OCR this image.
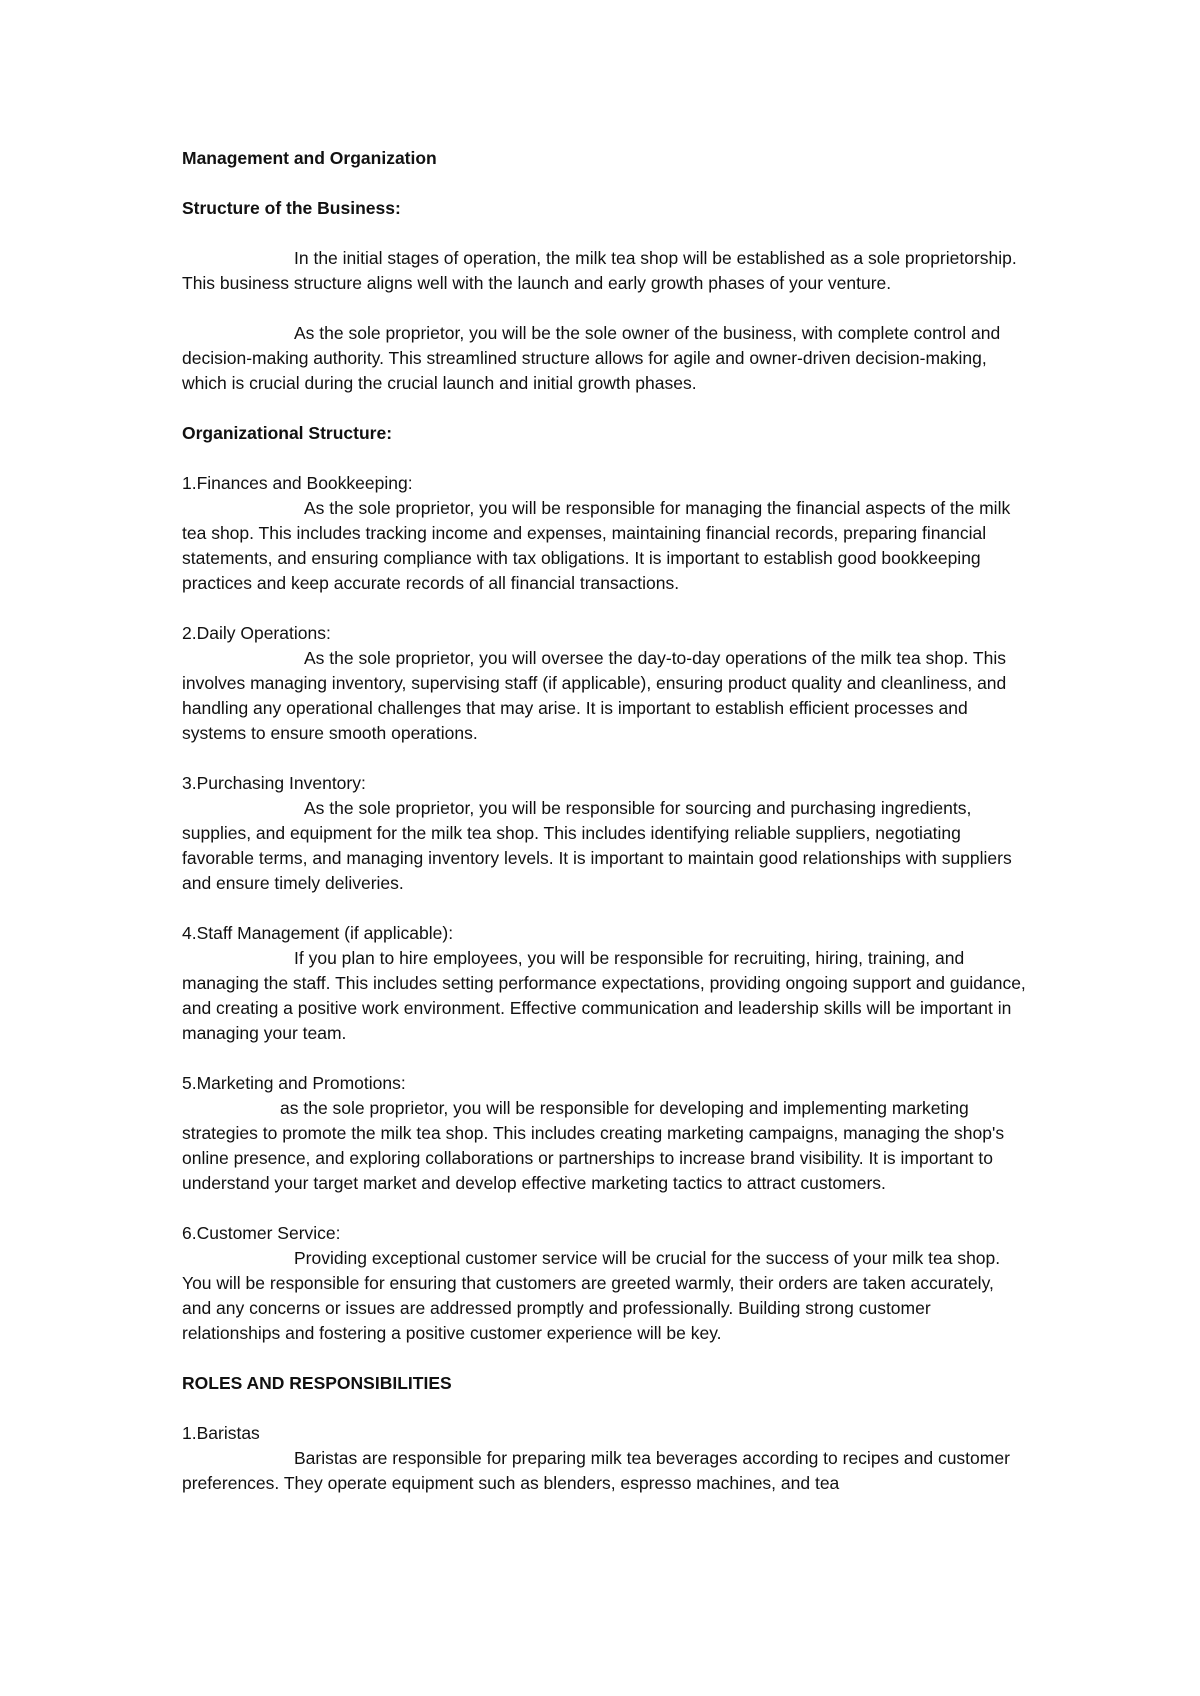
Management and Organization

Structure of the Business:

In the initial stages of operation, the milk tea shop will be established as a sole proprietorship. This business structure aligns well with the launch and early growth phases of your venture.

As the sole proprietor, you will be the sole owner of the business, with complete control and decision-making authority. This streamlined structure allows for agile and owner-driven decision-making, which is crucial during the crucial launch and initial growth phases.

Organizational Structure:

1.Finances and Bookkeeping:

As the sole proprietor, you will be responsible for managing the financial aspects of the milk tea shop. This includes tracking income and expenses, maintaining financial records, preparing financial statements, and ensuring compliance with tax obligations. It is important to establish good bookkeeping practices and keep accurate records of all financial transactions.

2.Daily Operations:

As the sole proprietor, you will oversee the day-to-day operations of the milk tea shop. This involves managing inventory, supervising staff (if applicable), ensuring product quality and cleanliness, and handling any operational challenges that may arise. It is important to establish efficient processes and systems to ensure smooth operations.

3.Purchasing Inventory:

As the sole proprietor, you will be responsible for sourcing and purchasing ingredients, supplies, and equipment for the milk tea shop. This includes identifying reliable suppliers, negotiating favorable terms, and managing inventory levels. It is important to maintain good relationships with suppliers and ensure timely deliveries.

4.Staff Management (if applicable):

If you plan to hire employees, you will be responsible for recruiting, hiring, training, and managing the staff. This includes setting performance expectations, providing ongoing support and guidance, and creating a positive work environment. Effective communication and leadership skills will be important in managing your team.

5.Marketing and Promotions:

as the sole proprietor, you will be responsible for developing and implementing marketing strategies to promote the milk tea shop. This includes creating marketing campaigns, managing the shop's online presence, and exploring collaborations or partnerships to increase brand visibility. It is important to understand your target market and develop effective marketing tactics to attract customers.

6.Customer Service:

Providing exceptional customer service will be crucial for the success of your milk tea shop. You will be responsible for ensuring that customers are greeted warmly, their orders are taken accurately, and any concerns or issues are addressed promptly and professionally. Building strong customer relationships and fostering a positive customer experience will be key.

ROLES AND RESPONSIBILITIES

1.Baristas

Baristas are responsible for preparing milk tea beverages according to recipes and customer preferences. They operate equipment such as blenders, espresso machines, and tea
